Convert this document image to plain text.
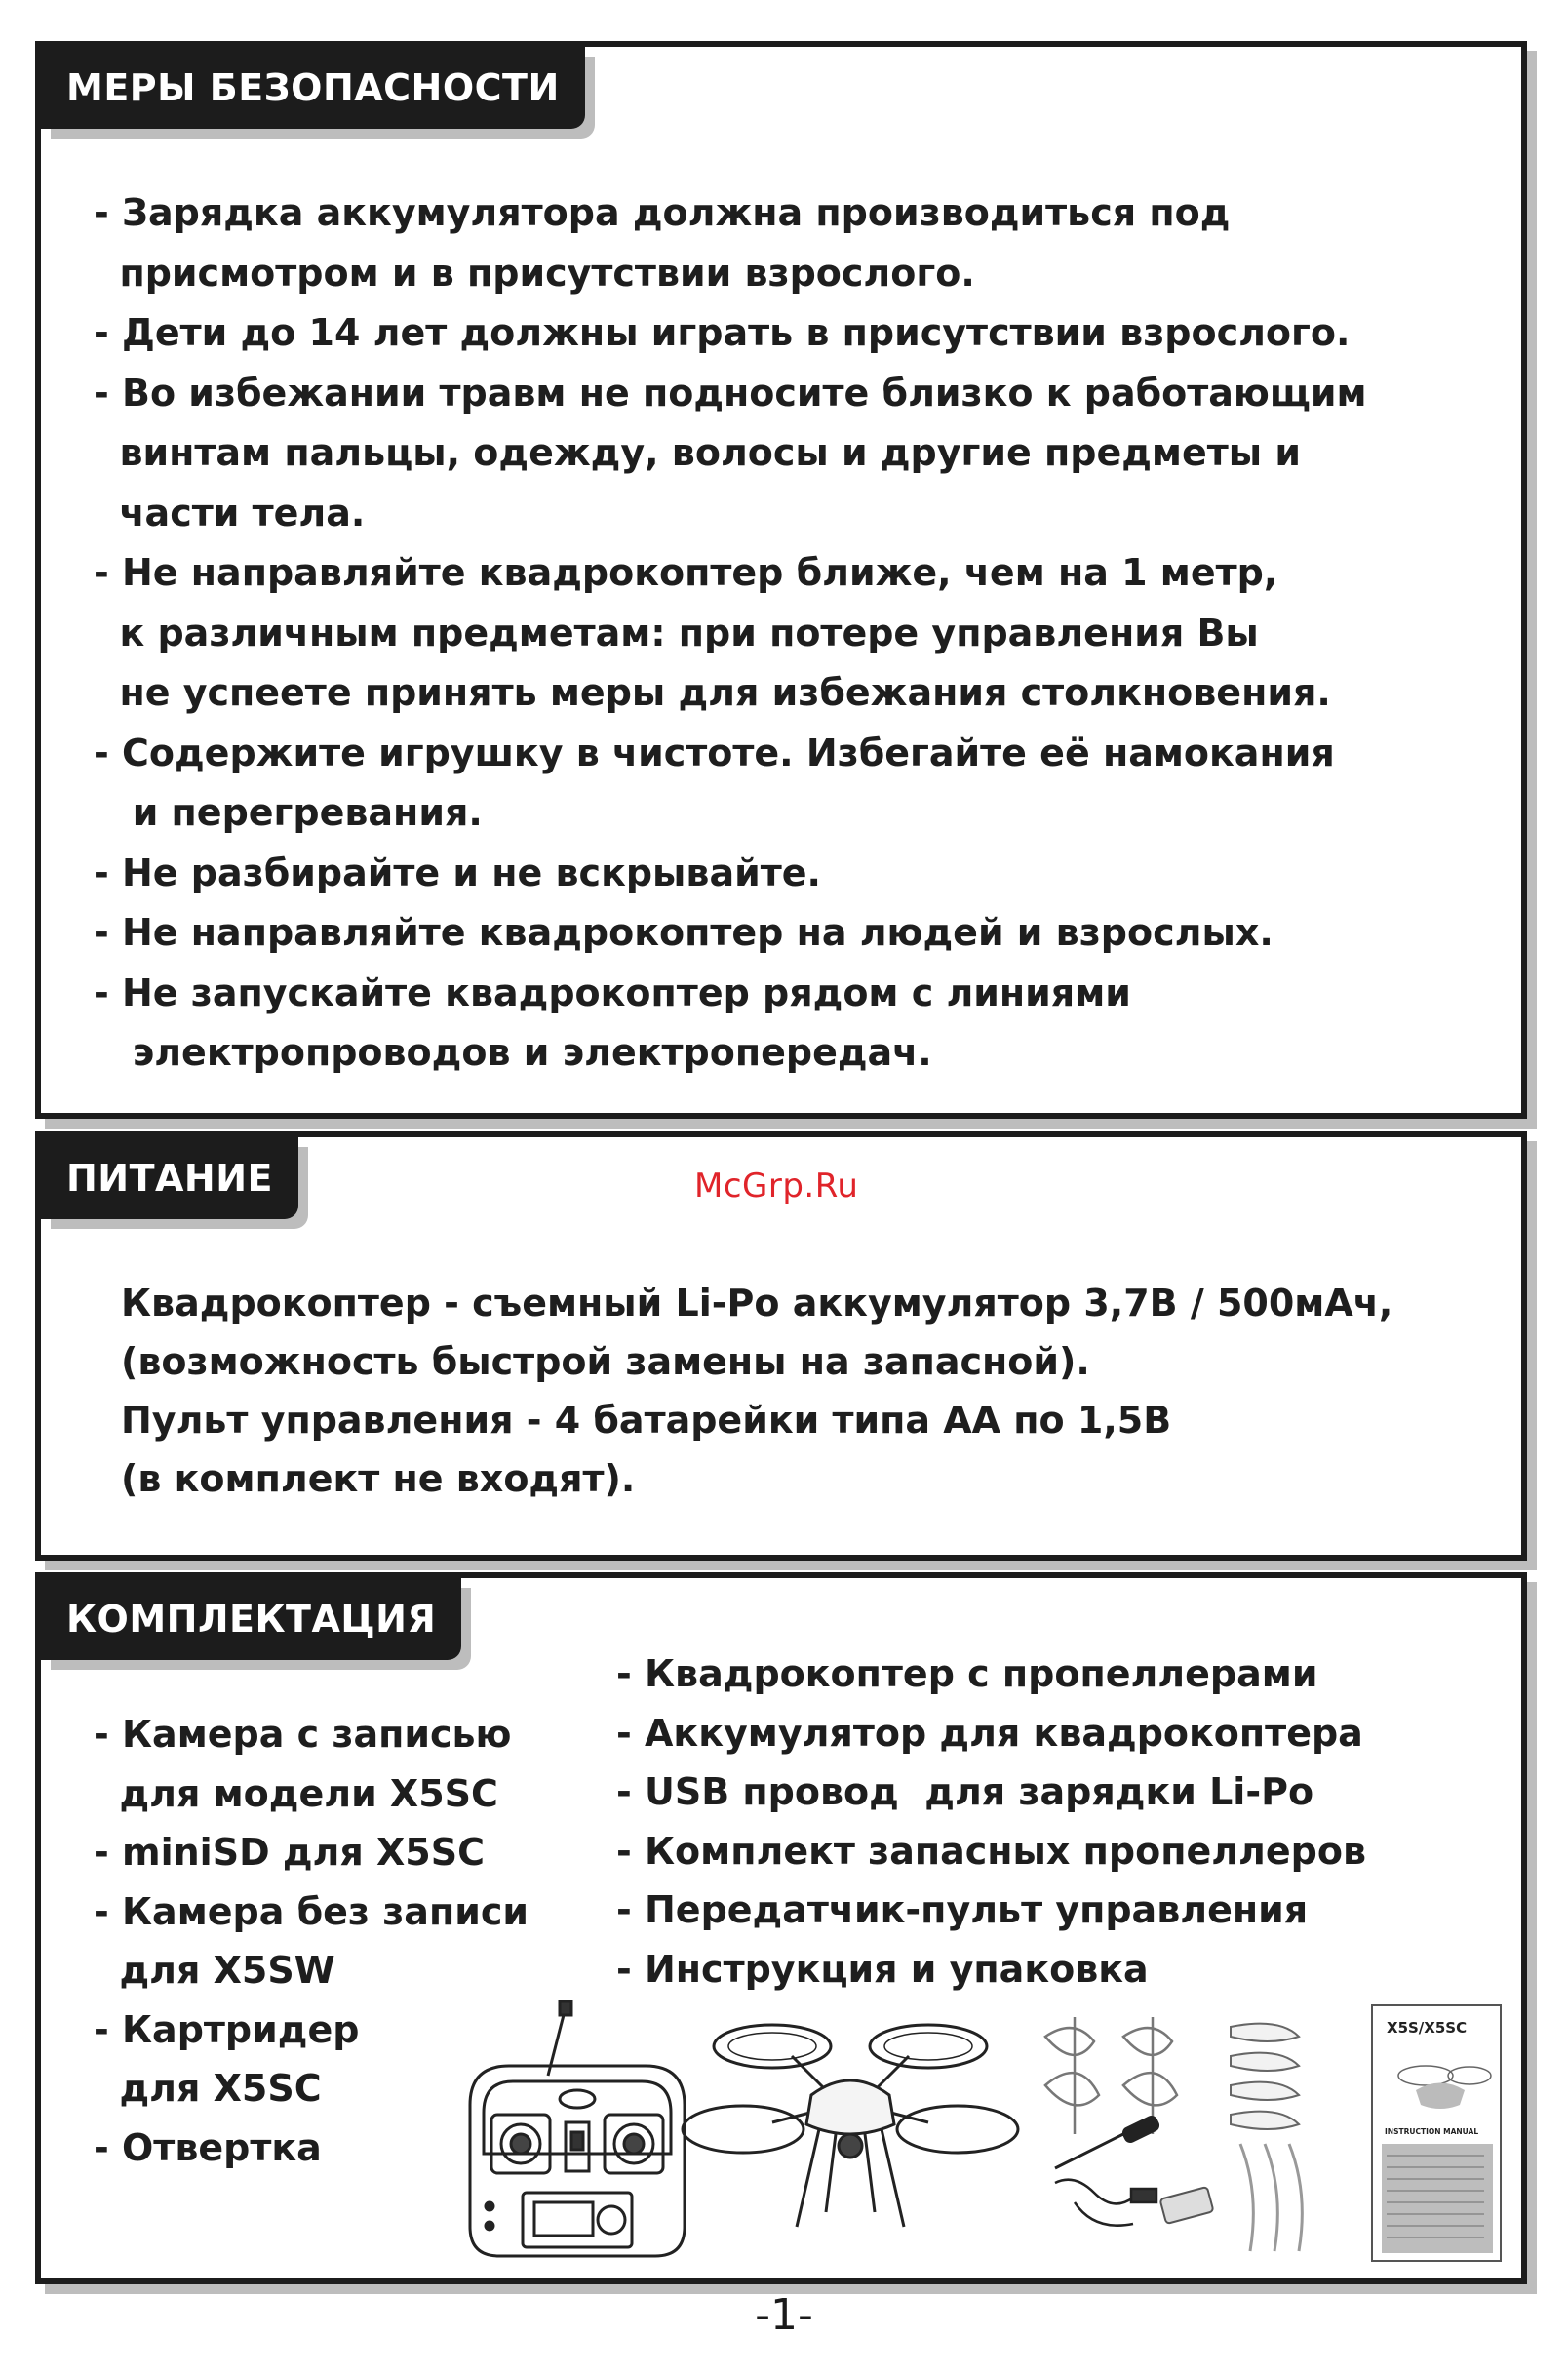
МЕРЫ БЕЗОПАСНОСТИ
- Зарядка аккумулятора должна производиться под
присмотром и в присутствии взрослого.
- Дети до 14 лет должны играть в присутствии взрослого.
- Во избежании травм не подносите близко к работающим
винтам пальцы, одежду, волосы и другие предметы и
части тела.
- Не направляйте квадрокоптер ближе, чем на 1 метр,
к различным предметам: при потере управления Вы
не успеете принять меры для избежания столкновения.
- Содержите игрушку в чистоте. Избегайте её намокания
и перегревания.
- Не разбирайте и не вскрывайте.
- Не направляйте квадрокоптер на людей и взрослых.
- Не запускайте квадрокоптер рядом с линиями
электропроводов и электропередач.
ПИТАНИЕ	McGrp.Ru
Квадрокоптер - съемный Li-Po аккумулятор 3,7В / 500мАч,
(возможность быстрой замены на запасной).
Пульт управления - 4 батарейки типа АА по 1,5В
(в комплект не входят).
КОМПЛЕКТАЦИЯ
- Квадрокоптер с пропеллерами
- Аккумулятор для квадрокоптера
- USB провод  для зарядки Li-Po
- Комплект запасных пропеллеров
- Передатчик-пульт управления
- Инструкция и упаковка
- Камера с записью
для модели X5SC
- miniSD для X5SC
- Камера без записи
для X5SW
- Картридер
для X5SC
- Отвертка
X5S/X5SC
INSTRUCTION MANUAL
-1-
